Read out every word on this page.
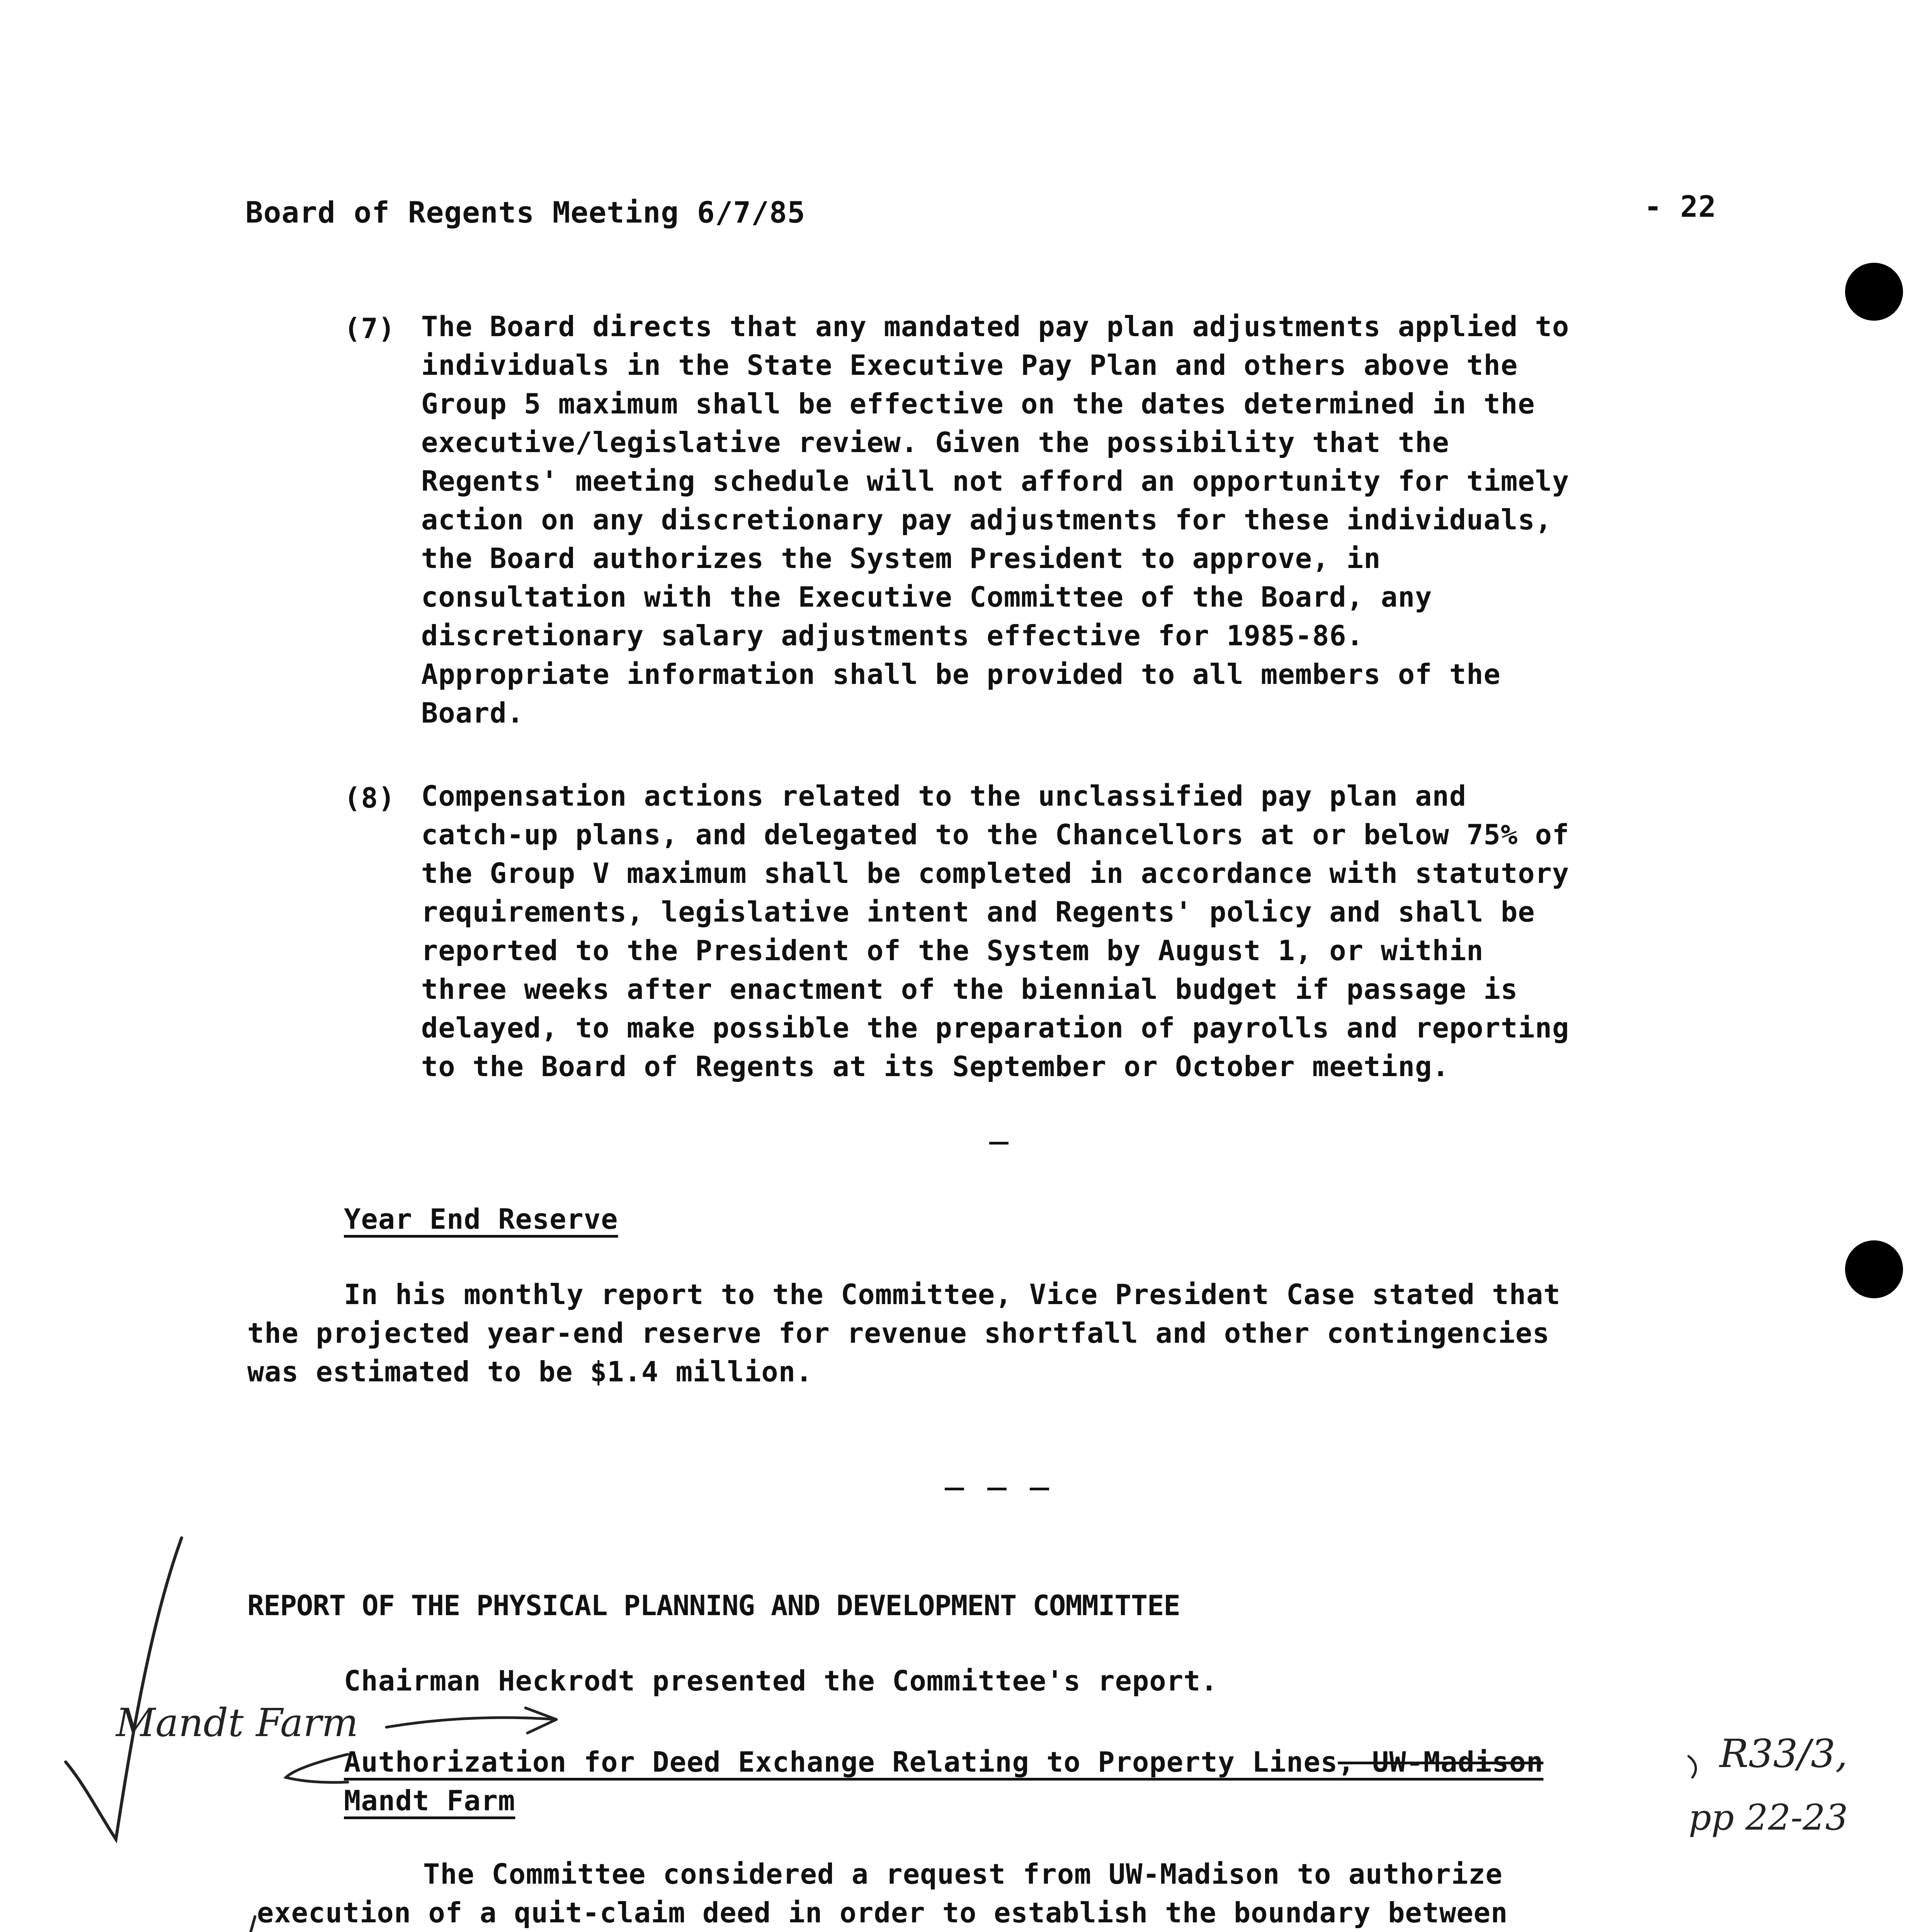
Board of Regents Meeting 6/7/85	- 22
(7) The Board directs that any mandated pay plan adjustments applied to
individuals in the State Executive Pay Plan and others above the
Group 5 maximum shall be effective on the dates determined in the
executive/legislative review. Given the possibility that the
Regents' meeting schedule will not afford an opportunity for timely
action on any discretionary pay adjustments for these individuals,
the Board authorizes the System President to approve, in
consultation with the Executive Committee of the Board, any
discretionary salary adjustments effective for 1985-86.
Appropriate information shall be provided to all members of the
Board.
(8) Compensation actions related to the unclassified pay plan and
catch-up plans, and delegated to the Chancellors at or below 75% of
the Group V maximum shall be completed in accordance with statutory
requirements, legislative intent and Regents' policy and shall be
reported to the President of the System by August 1, or within
three weeks after enactment of the biennial budget if passage is
delayed, to make possible the preparation of payrolls and reporting
to the Board of Regents at its September or October meeting.
Year End Reserve
In his monthly report to the Committee, Vice President Case stated that
the projected year-end reserve for revenue shortfall and other contingencies
was estimated to be $1.4 million.
REPORT OF THE PHYSICAL PLANNING AND DEVELOPMENT COMMITTEE
Chairman Heckrodt presented the Committee's report.
Authorization for Deed Exchange Relating to Property Lines, UW-Madison
Mandt Farm
The Committee considered a request from UW-Madison to authorize
execution of a quit-claim deed in order to establish the boundary between
Mandt Farm
R33/3,
pp 22-23
